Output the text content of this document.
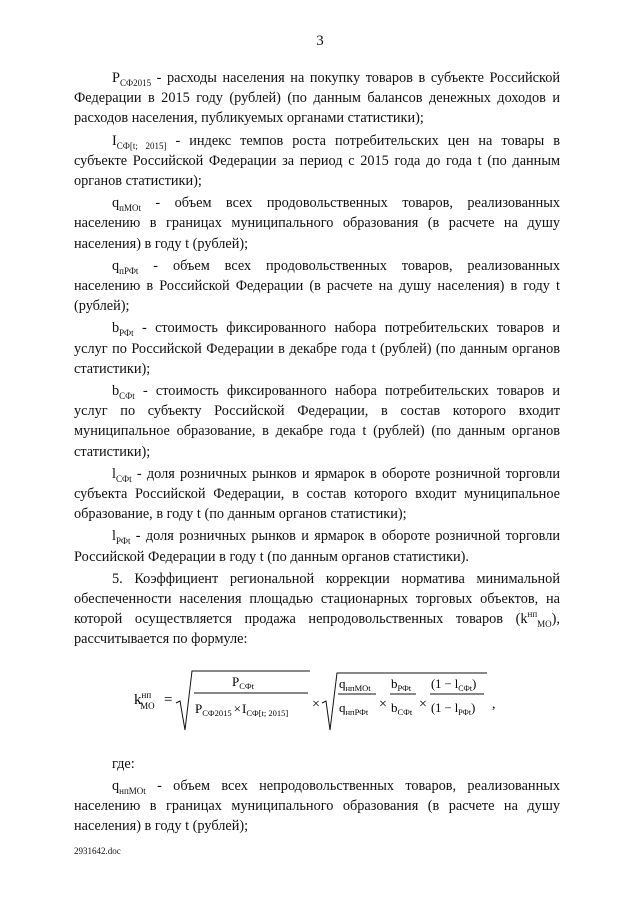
3

$P_{СФ2015}$ - расходы населения на покупку товаров в субъекте Российской Федерации в 2015 году (рублей) (по данным балансов денежных доходов и расходов населения, публикуемых органами статистики);

$I_{СФ[t; 2015]}$ - индекс темпов роста потребительских цен на товары в субъекте Российской Федерации за период с 2015 года до года t (по данным органов статистики);

$q_{пМОt}$ - объем всех продовольственных товаров, реализованных населению в границах муниципального образования (в расчете на душу населения) в году t (рублей);

$q_{пРФt}$ - объем всех продовольственных товаров, реализованных населению в Российской Федерации (в расчете на душу населения) в году t (рублей);

$b_{РФt}$ - стоимость фиксированного набора потребительских товаров и услуг по Российской Федерации в декабре года t (рублей) (по данным органов статистики);

$b_{СФt}$ - стоимость фиксированного набора потребительских товаров и услуг по субъекту Российской Федерации, в состав которого входит муниципальное образование, в декабре года t (рублей) (по данным органов статистики);

$l_{СФt}$ - доля розничных рынков и ярмарок в обороте розничной торговли субъекта Российской Федерации, в состав которого входит муниципальное образование, в году t (по данным органов статистики);

$l_{РФt}$ - доля розничных рынков и ярмарок в обороте розничной торговли Российской Федерации в году t (по данным органов статистики).

5. Коэффициент региональной коррекции норматива минимальной обеспеченности населения площадью стационарных торговых объектов, на которой осуществляется продажа непродовольственных товаров $(k^{нп}_{МО})$, рассчитывается по формуле:

$k^{нп}$ МО =
$P_{СФt}$
$P_{СФ2015} \times I_{СФ[t; 2015]}$
×
$q_{нпМОt}$
$q_{нпРФt}$ ×
$b_{РФt}$
$b_{СФt}$ ×
$(1 - l_{СФt})$
$(1 - l_{РФt})$ ,

где:

$q_{нпМОt}$ - объем всех непродовольственных товаров, реализованных населению в границах муниципального образования (в расчете на душу населения) в году t (рублей);

2931642.doc
